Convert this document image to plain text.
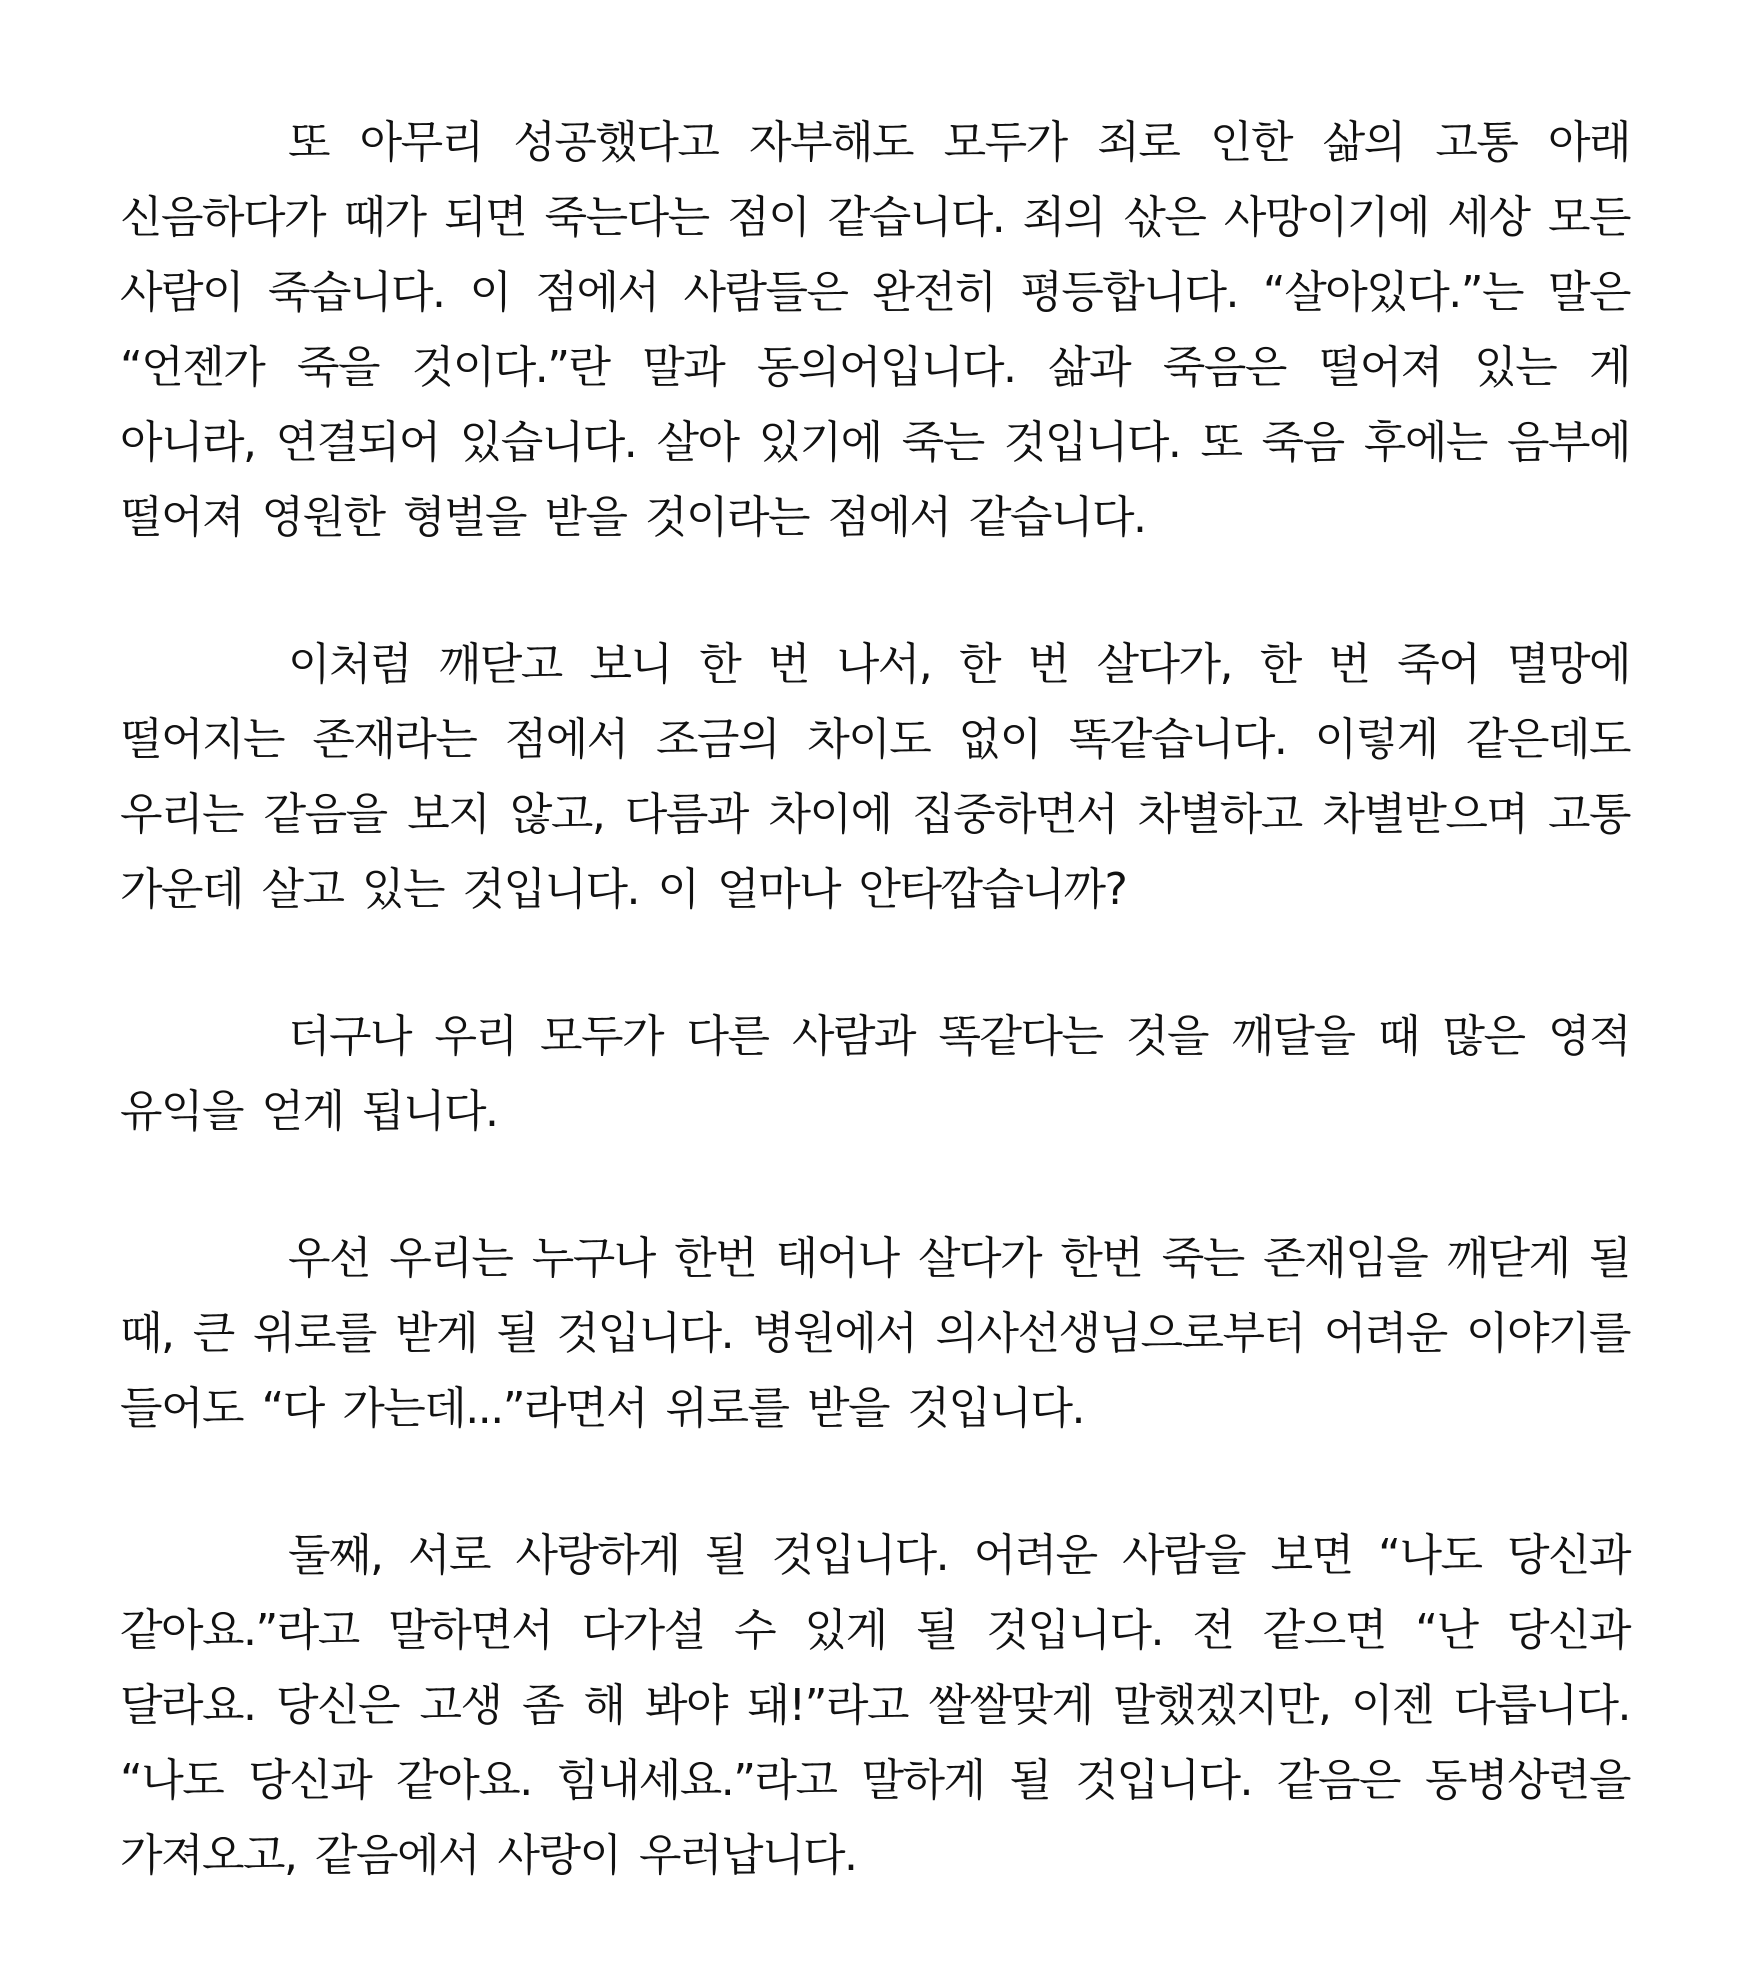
또 아무리 성공했다고 자부해도 모두가 죄로 인한 삶의 고통 아래 신음하다가 때가 되면 죽는다는 점이 같습니다. 죄의 삯은 사망이기에 세상 모든 사람이 죽습니다. 이 점에서 사람들은 완전히 평등합니다. “살아있다.”는 말은 “언젠가 죽을 것이다.”란 말과 동의어입니다. 삶과 죽음은 떨어져 있는 게 아니라, 연결되어 있습니다. 살아 있기에 죽는 것입니다. 또 죽음 후에는 음부에 떨어져 영원한 형벌을 받을 것이라는 점에서 같습니다.

이처럼 깨닫고 보니 한 번 나서, 한 번 살다가, 한 번 죽어 멸망에 떨어지는 존재라는 점에서 조금의 차이도 없이 똑같습니다. 이렇게 같은데도 우리는 같음을 보지 않고, 다름과 차이에 집중하면서 차별하고 차별받으며 고통 가운데 살고 있는 것입니다. 이 얼마나 안타깝습니까?

더구나 우리 모두가 다른 사람과 똑같다는 것을 깨달을 때 많은 영적 유익을 얻게 됩니다.

우선 우리는 누구나 한번 태어나 살다가 한번 죽는 존재임을 깨닫게 될 때, 큰 위로를 받게 될 것입니다. 병원에서 의사선생님으로부터 어려운 이야기를 들어도 “다 가는데...”라면서 위로를 받을 것입니다.

둘째, 서로 사랑하게 될 것입니다. 어려운 사람을 보면 “나도 당신과 같아요.”라고 말하면서 다가설 수 있게 될 것입니다. 전 같으면 “난 당신과 달라요. 당신은 고생 좀 해 봐야 돼!”라고 쌀쌀맞게 말했겠지만, 이젠 다릅니다. “나도 당신과 같아요. 힘내세요.”라고 말하게 될 것입니다. 같음은 동병상련을 가져오고, 같음에서 사랑이 우러납니다.
